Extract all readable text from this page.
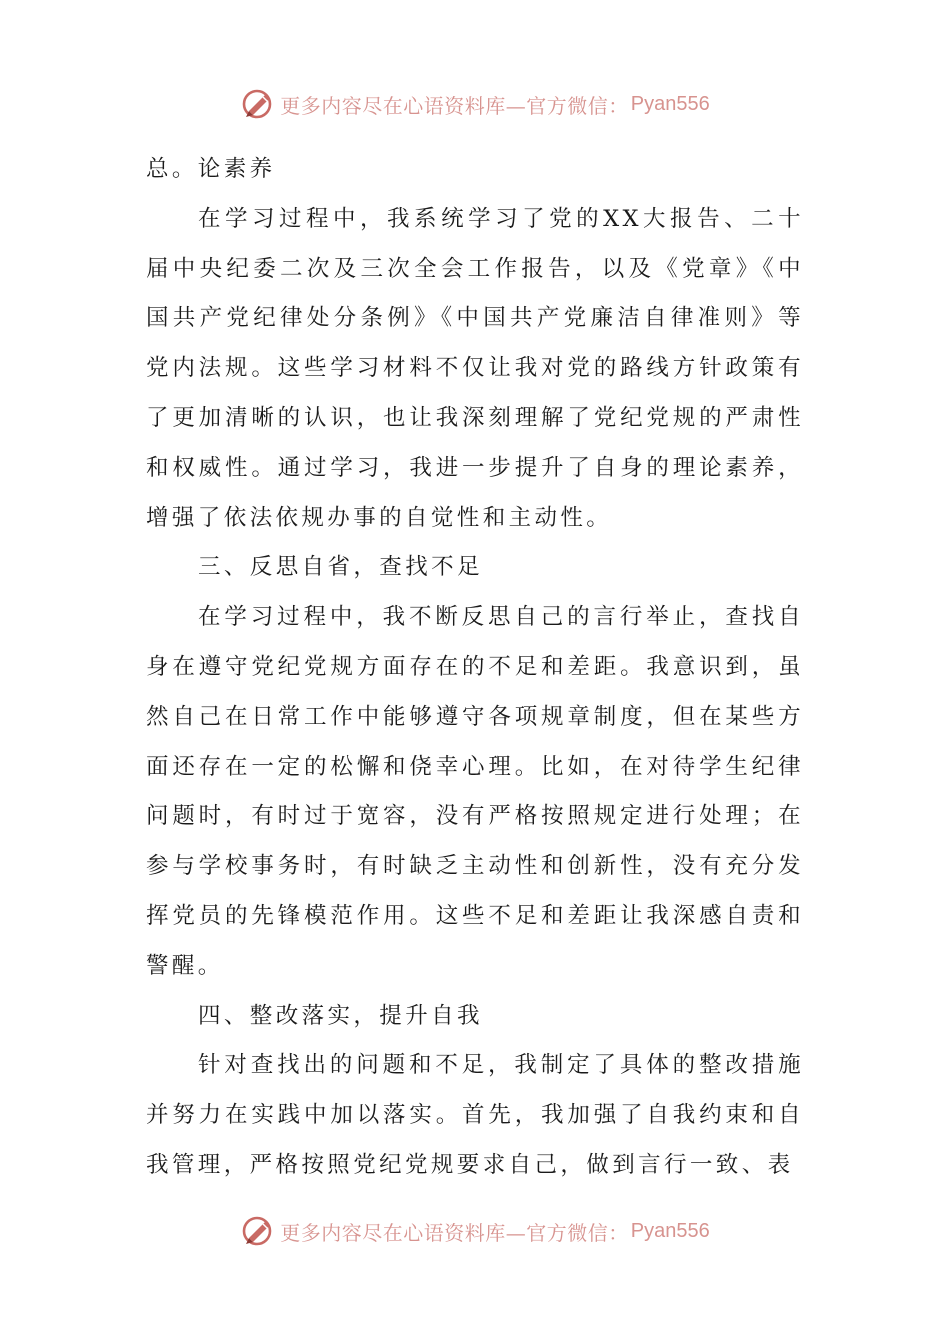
更多内容尽在心语资料库—官方微信： Pyan556

总。论素养

在学习过程中，我系统学习了党的XX大报告、二十届中央纪委二次及三次全会工作报告，以及《党章》《中国共产党纪律处分条例》《中国共产党廉洁自律准则》等党内法规。这些学习材料不仅让我对党的路线方针政策有了更加清晰的认识，也让我深刻理解了党纪党规的严肃性和权威性。通过学习，我进一步提升了自身的理论素养，增强了依法依规办事的自觉性和主动性。

三、反思自省，查找不足

在学习过程中，我不断反思自己的言行举止，查找自身在遵守党纪党规方面存在的不足和差距。我意识到，虽然自己在日常工作中能够遵守各项规章制度，但在某些方面还存在一定的松懈和侥幸心理。比如，在对待学生纪律问题时，有时过于宽容，没有严格按照规定进行处理；在参与学校事务时，有时缺乏主动性和创新性，没有充分发挥党员的先锋模范作用。这些不足和差距让我深感自责和警醒。

四、整改落实，提升自我

针对查找出的问题和不足，我制定了具体的整改措施并努力在实践中加以落实。首先，我加强了自我约束和自我管理，严格按照党纪党规要求自己，做到言行一致、表

更多内容尽在心语资料库—官方微信： Pyan556
